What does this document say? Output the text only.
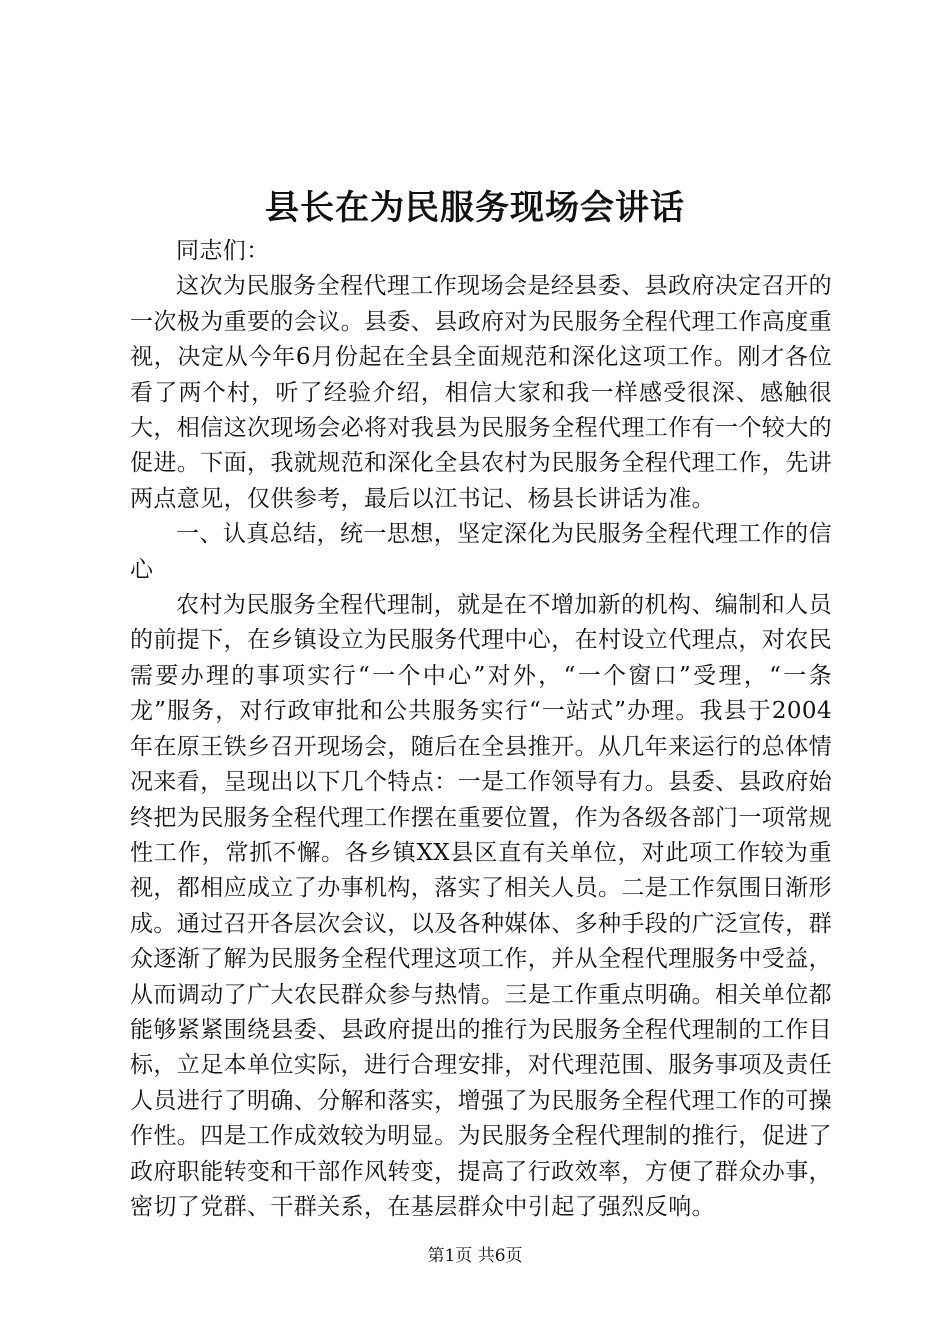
县长在为民服务现场会讲话

同志们：

这次为民服务全程代理工作现场会是经县委、县政府决定召开的一次极为重要的会议。县委、县政府对为民服务全程代理工作高度重视，决定从今年6月份起在全县全面规范和深化这项工作。刚才各位看了两个村，听了经验介绍，相信大家和我一样感受很深、感触很大，相信这次现场会必将对我县为民服务全程代理工作有一个较大的促进。下面，我就规范和深化全县农村为民服务全程代理工作，先讲两点意见，仅供参考，最后以江书记、杨县长讲话为准。

一、认真总结，统一思想，坚定深化为民服务全程代理工作的信心

农村为民服务全程代理制，就是在不增加新的机构、编制和人员的前提下，在乡镇设立为民服务代理中心，在村设立代理点，对农民需要办理的事项实行“一个中心”对外，“一个窗口”受理，“一条龙”服务，对行政审批和公共服务实行“一站式”办理。我县于2004年在原王铁乡召开现场会，随后在全县推开。从几年来运行的总体情况来看，呈现出以下几个特点：一是工作领导有力。县委、县政府始终把为民服务全程代理工作摆在重要位置，作为各级各部门一项常规性工作，常抓不懈。各乡镇XX县区直有关单位，对此项工作较为重视，都相应成立了办事机构，落实了相关人员。二是工作氛围日渐形成。通过召开各层次会议，以及各种媒体、多种手段的广泛宣传，群众逐渐了解为民服务全程代理这项工作，并从全程代理服务中受益，从而调动了广大农民群众参与热情。三是工作重点明确。相关单位都能够紧紧围绕县委、县政府提出的推行为民服务全程代理制的工作目标，立足本单位实际，进行合理安排，对代理范围、服务事项及责任人员进行了明确、分解和落实，增强了为民服务全程代理工作的可操作性。四是工作成效较为明显。为民服务全程代理制的推行，促进了政府职能转变和干部作风转变，提高了行政效率，方便了群众办事，密切了党群、干群关系，在基层群众中引起了强烈反响。

第1页 共6页
